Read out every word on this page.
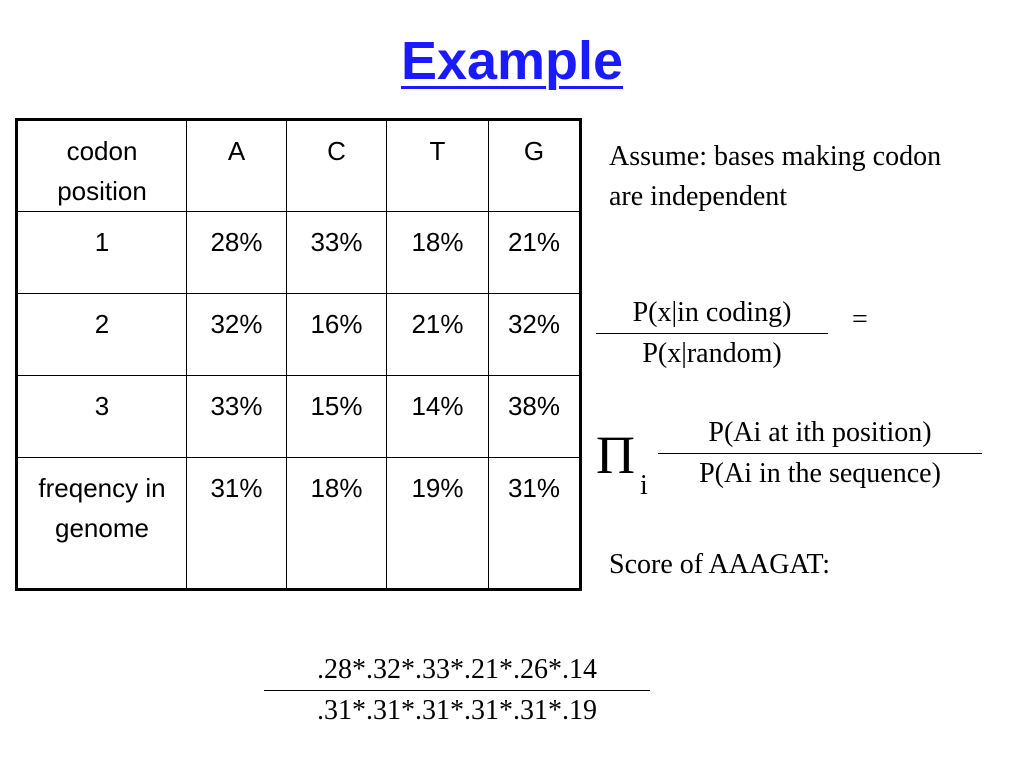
Example
codon position	A	C	T	G
1	28%	33%	18%	21%
2	32%	16%	21%	32%
3	33%	15%	14%	38%
freqency in genome	31%	18%	19%	31%
Assume: bases making codon are independent
P(x|in coding)
P(x|random)
=
Π
i
P(Ai at ith position)
P(Ai in the sequence)
Score of AAAGAT:
.28*.32*.33*.21*.26*.14
.31*.31*.31*.31*.31*.19
